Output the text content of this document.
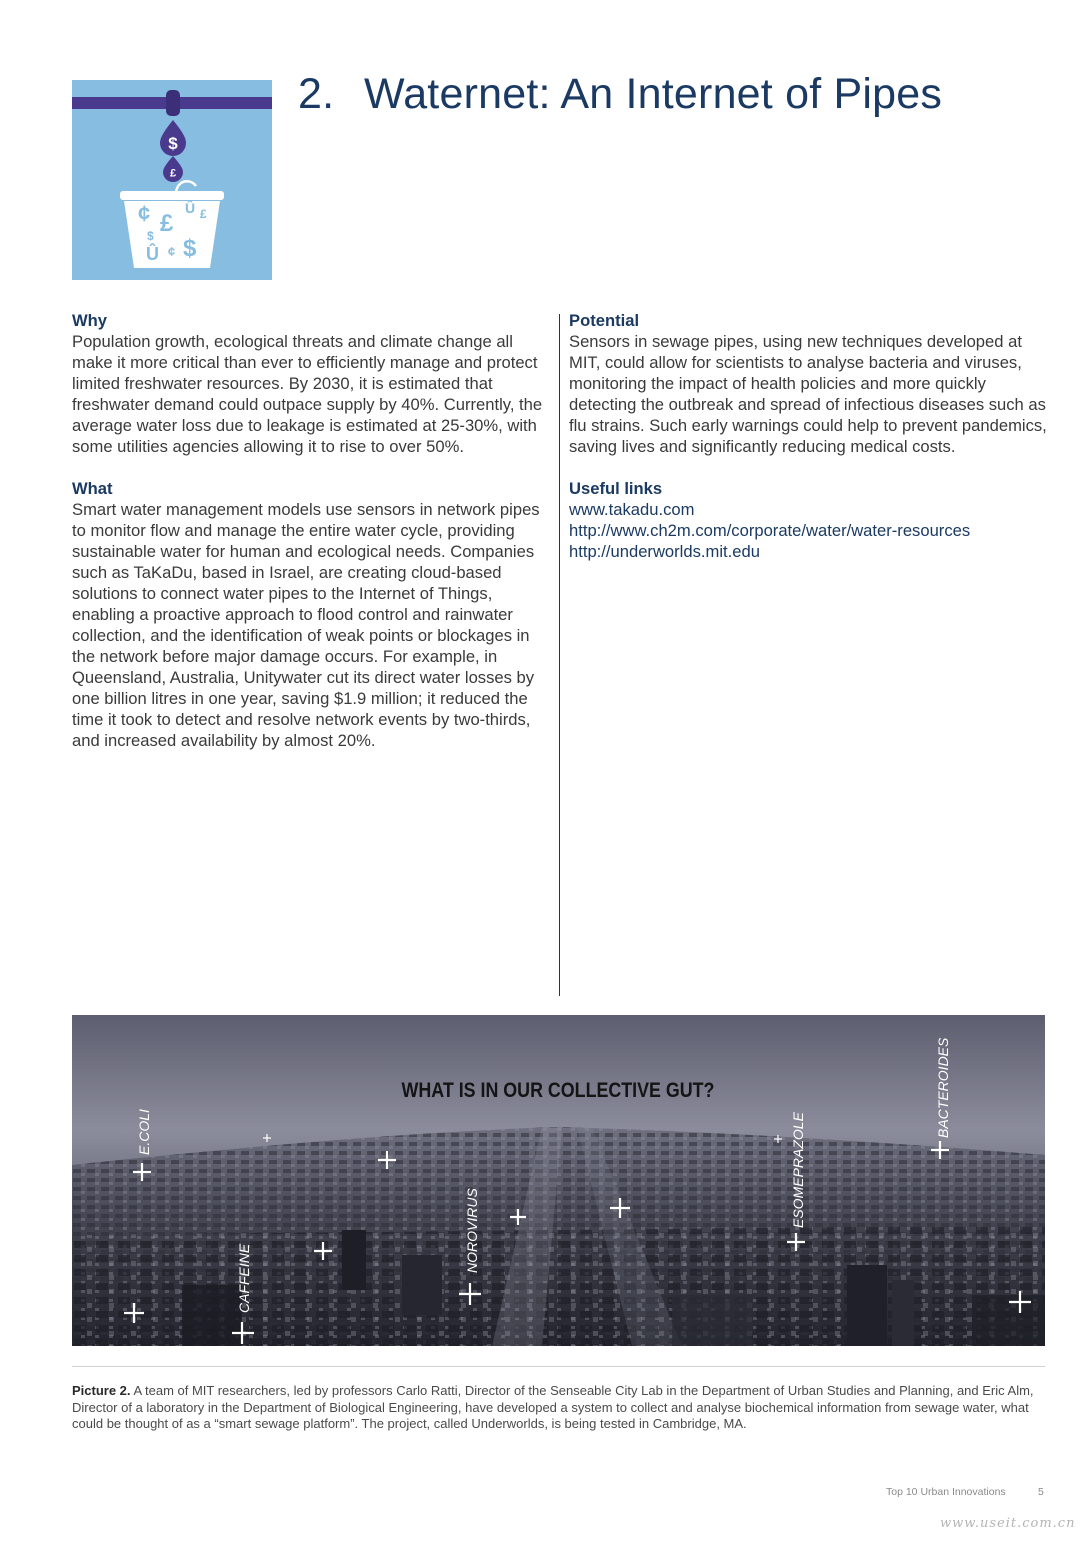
$
£
¢ £
Û £
$
Û ¢ $
2. Waternet: An Internet of Pipes

Why

Population growth, ecological threats and climate change all make it more critical than ever to efficiently manage and protect limited freshwater resources. By 2030, it is estimated that freshwater demand could outpace supply by 40%. Currently, the average water loss due to leakage is estimated at 25-30%, with some utilities agencies allowing it to rise to over 50%.

What

Smart water management models use sensors in network pipes to monitor flow and manage the entire water cycle, providing sustainable water for human and ecological needs. Companies such as TaKaDu, based in Israel, are creating cloud-based solutions to connect water pipes to the Internet of Things, enabling a proactive approach to flood control and rainwater collection, and the identification of weak points or blockages in the network before major damage occurs. For example, in Queensland, Australia, Unitywater cut its direct water losses by one billion litres in one year, saving $1.9 million; it reduced the time it took to detect and resolve network events by two-thirds, and increased availability by almost 20%.

Potential

Sensors in sewage pipes, using new techniques developed at MIT, could allow for scientists to analyse bacteria and viruses, monitoring the impact of health policies and more quickly detecting the outbreak and spread of infectious diseases such as flu strains. Such early warnings could help to prevent pandemics, saving lives and significantly reducing medical costs.

Useful links

www.takadu.com
http://www.ch2m.com/corporate/water/water-resources
http://underworlds.mit.edu
WHAT IS IN OUR COLLECTIVE GUT?
E.COLI
CAFFEINE
NOROVIRUS
ESOMEPRAZOLE
BACTEROIDES

Picture 2. A team of MIT researchers, led by professors Carlo Ratti, Director of the Senseable City Lab in the Department of Urban Studies and Planning, and Eric Alm, Director of a laboratory in the Department of Biological Engineering, have developed a system to collect and analyse biochemical information from sewage water, what could be thought of as a “smart sewage platform”. The project, called Underworlds, is being tested in Cambridge, MA.

Top 10 Urban Innovations	5
www.useit.com.cn
